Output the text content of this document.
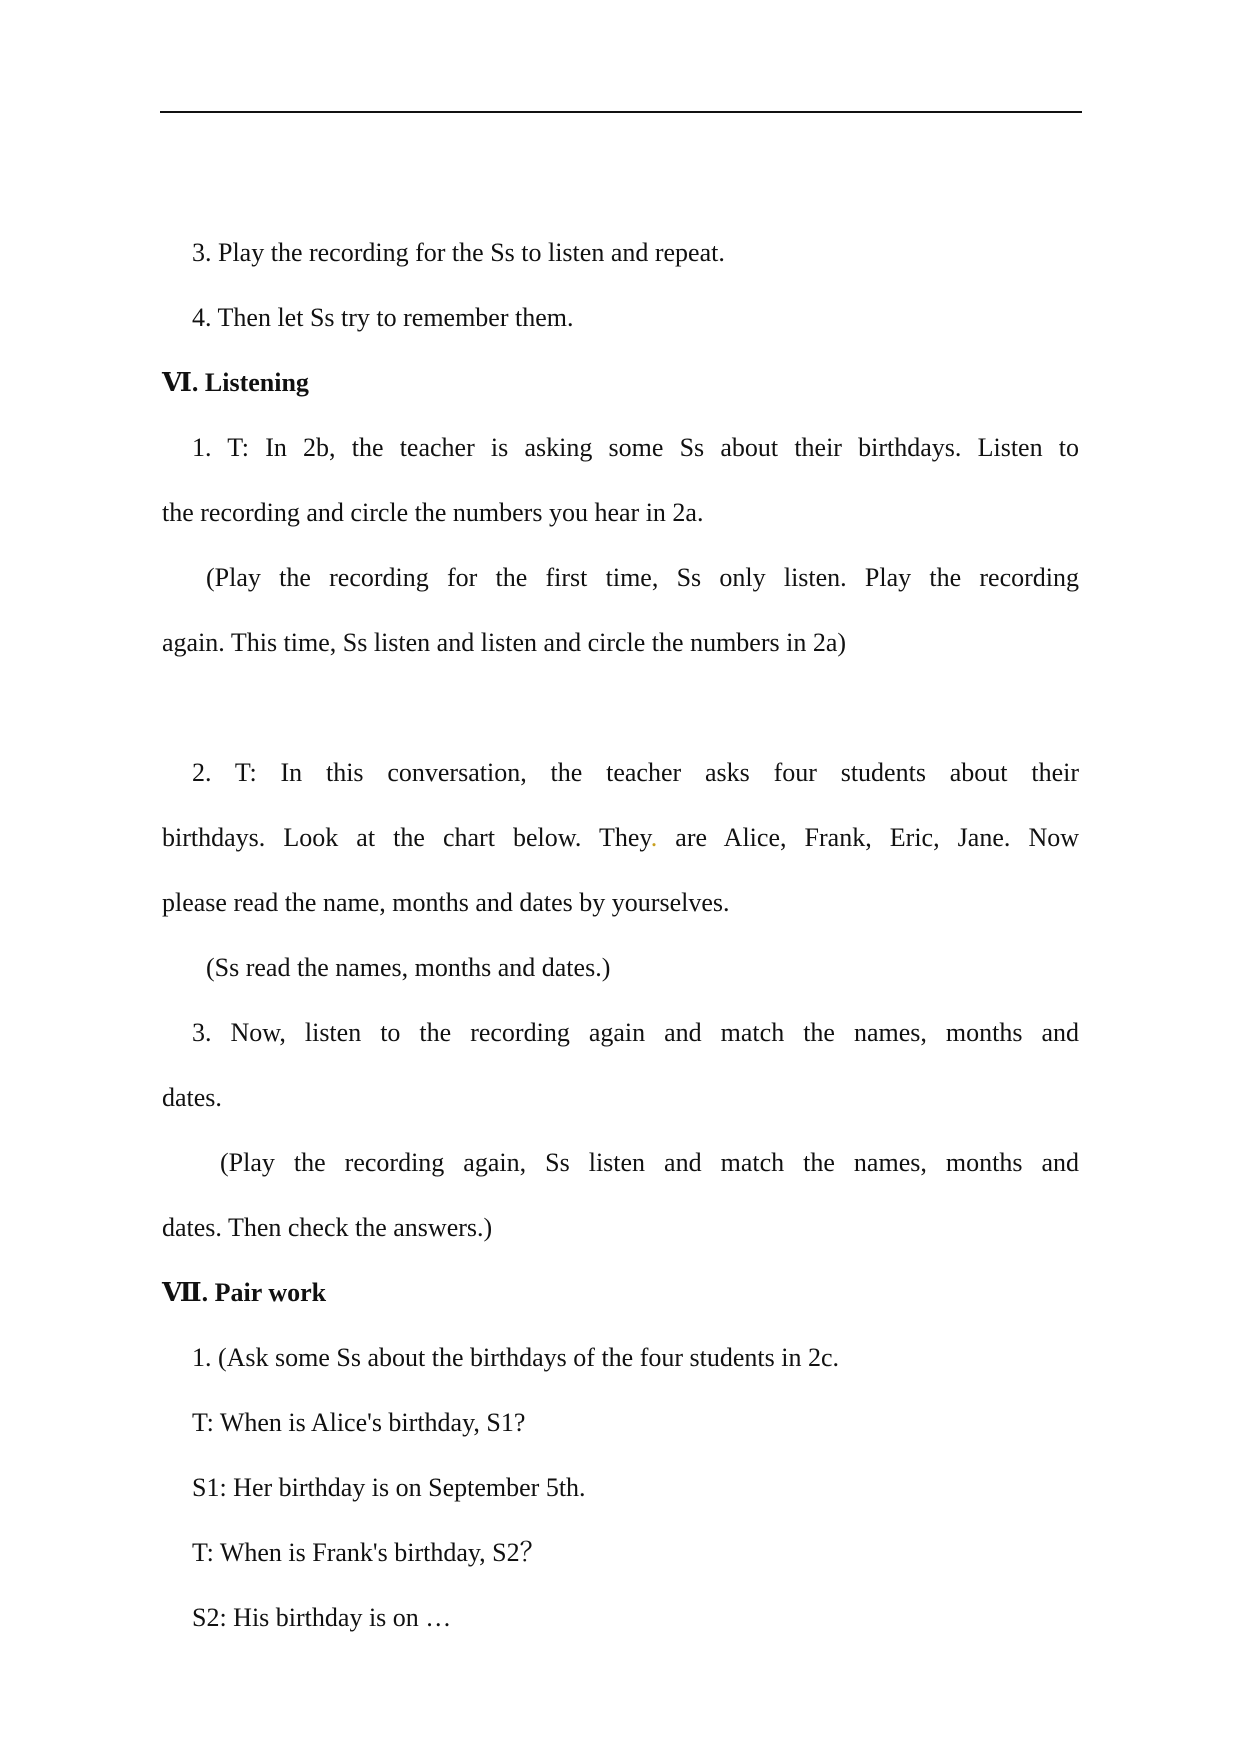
3. Play the recording for the Ss to listen and repeat.

4. Then let Ss try to remember them.

Ⅵ. Listening

1. T: In 2b, the teacher is asking some Ss about their birthdays. Listen to

the recording and circle the numbers you hear in 2a.

(Play the recording for the first time, Ss only listen. Play the recording

again. This time, Ss listen and listen and circle the numbers in 2a)

2. T: In this conversation, the teacher asks four students about their

birthdays. Look at the chart below. They. are Alice, Frank, Eric, Jane. Now

please read the name, months and dates by yourselves.

(Ss read the names, months and dates.)

3. Now, listen to the recording again and match the names, months and

dates.

(Play the recording again, Ss listen and match the names, months and

dates. Then check the answers.)

Ⅶ. Pair work

1. (Ask some Ss about the birthdays of the four students in 2c.

T: When is Alice's birthday, S1?

S1: Her birthday is on September 5th.

T: When is Frank's birthday, S2？

S2: His birthday is on …
